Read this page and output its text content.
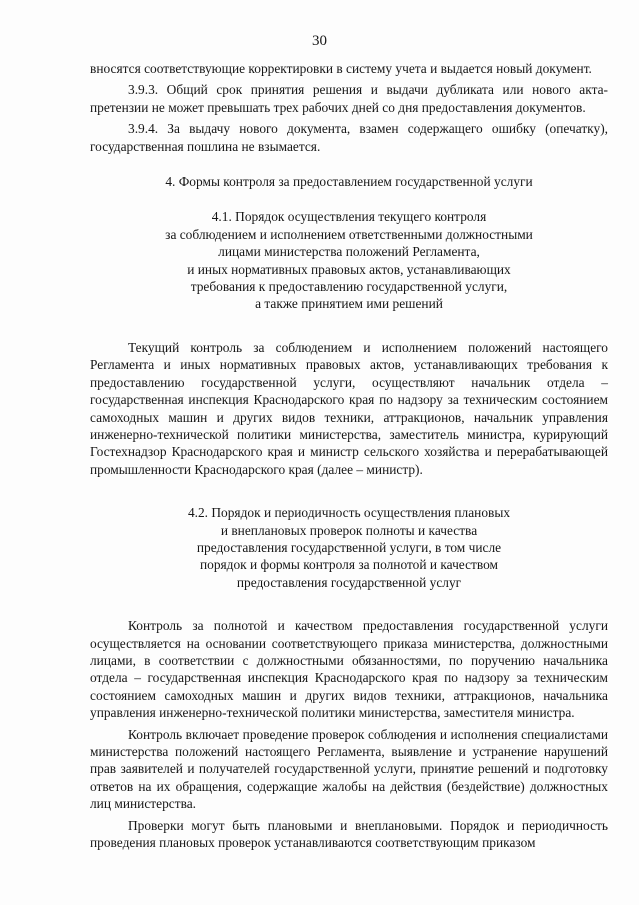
30

вносятся соответствующие корректировки в систему учета и выдается новый документ.

3.9.3. Общий срок принятия решения и выдачи дубликата или нового акта-претензии не может превышать трех рабочих дней со дня предоставления документов.

3.9.4. За выдачу нового документа, взамен содержащего ошибку (опечатку), государственная пошлина не взымается.

4. Формы контроля за предоставлением государственной услуги

4.1. Порядок осуществления текущего контроля
за соблюдением и исполнением ответственными должностными
лицами министерства положений Регламента,
и иных нормативных правовых актов, устанавливающих
требования к предоставлению государственной услуги,
а также принятием ими решений

Текущий контроль за соблюдением и исполнением положений настоящего Регламента и иных нормативных правовых актов, устанавливающих требования к предоставлению государственной услуги, осуществляют начальник отдела – государственная инспекция Краснодарского края по надзору за техническим состоянием самоходных машин и других видов техники, аттракционов, начальник управления инженерно-технической политики министерства, заместитель министра, курирующий Гостехнадзор Краснодарского края и министр сельского хозяйства и перерабатывающей промышленности Краснодарского края (далее – министр).

4.2. Порядок и периодичность осуществления плановых
и внеплановых проверок полноты и качества
предоставления государственной услуги, в том числе
порядок и формы контроля за полнотой и качеством
предоставления государственной услуг

Контроль за полнотой и качеством предоставления государственной услуги осуществляется на основании соответствующего приказа министерства, должностными лицами, в соответствии с должностными обязанностями, по поручению начальника отдела – государственная инспекция Краснодарского края по надзору за техническим состоянием самоходных машин и других видов техники, аттракционов, начальника управления инженерно-технической политики министерства, заместителя министра.

Контроль включает проведение проверок соблюдения и исполнения специалистами министерства положений настоящего Регламента, выявление и устранение нарушений прав заявителей и получателей государственной услуги, принятие решений и подготовку ответов на их обращения, содержащие жалобы на действия (бездействие) должностных лиц министерства.

Проверки могут быть плановыми и внеплановыми. Порядок и периодичность проведения плановых проверок устанавливаются соответствующим приказом
